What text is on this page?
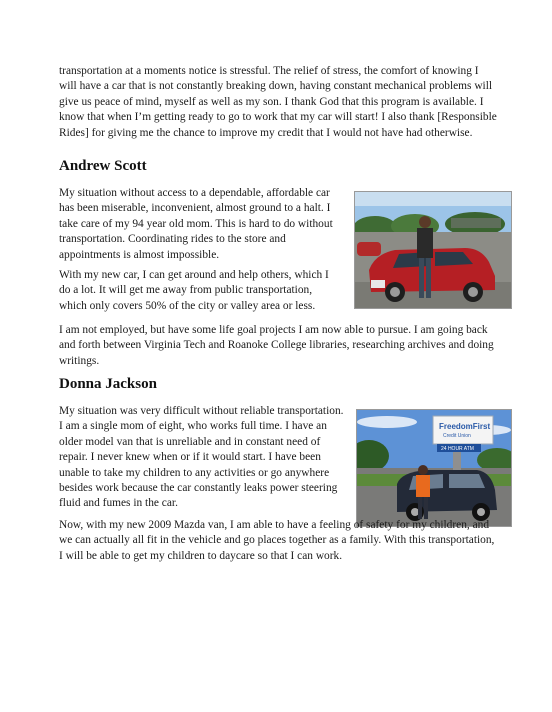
transportation at a moments notice is stressful. The relief of stress, the comfort of knowing I will have a car that is not constantly breaking down, having constant mechanical problems will give us peace of mind, myself as well as my son. I thank God that this program is available. I know that when I’m getting ready to go to work that my car will start! I also thank [Responsible Rides] for giving me the chance to improve my credit that I would not have had otherwise.

Andrew Scott

My situation without access to a dependable, affordable car has been miserable, inconvenient, almost ground to a halt. I take care of my 94 year old mom. This is hard to do without transportation. Coordinating rides to the store and appointments is almost impossible.

With my new car, I can get around and help others, which I do a lot. It will get me away from public transportation, which only covers 50% of the city or valley area or less.

I am not employed, but have some life goal projects I am now able to pursue. I am going back and forth between Virginia Tech and Roanoke College libraries, researching archives and doing writings.

Donna Jackson

My situation was very difficult without reliable transportation. I am a single mom of eight, who works full time. I have an older model van that is unreliable and in constant need of repair. I never knew when or if it would start. I have been unable to take my children to any activities or go anywhere besides work because the car constantly leaks power steering fluid and fumes in the car.

FreedomFirst
Credit Union
24 HOUR ATM

Now, with my new 2009 Mazda van, I am able to have a feeling of safety for my children, and we can actually all fit in the vehicle and go places together as a family. With this transportation, I will be able to get my children to daycare so that I can work.
